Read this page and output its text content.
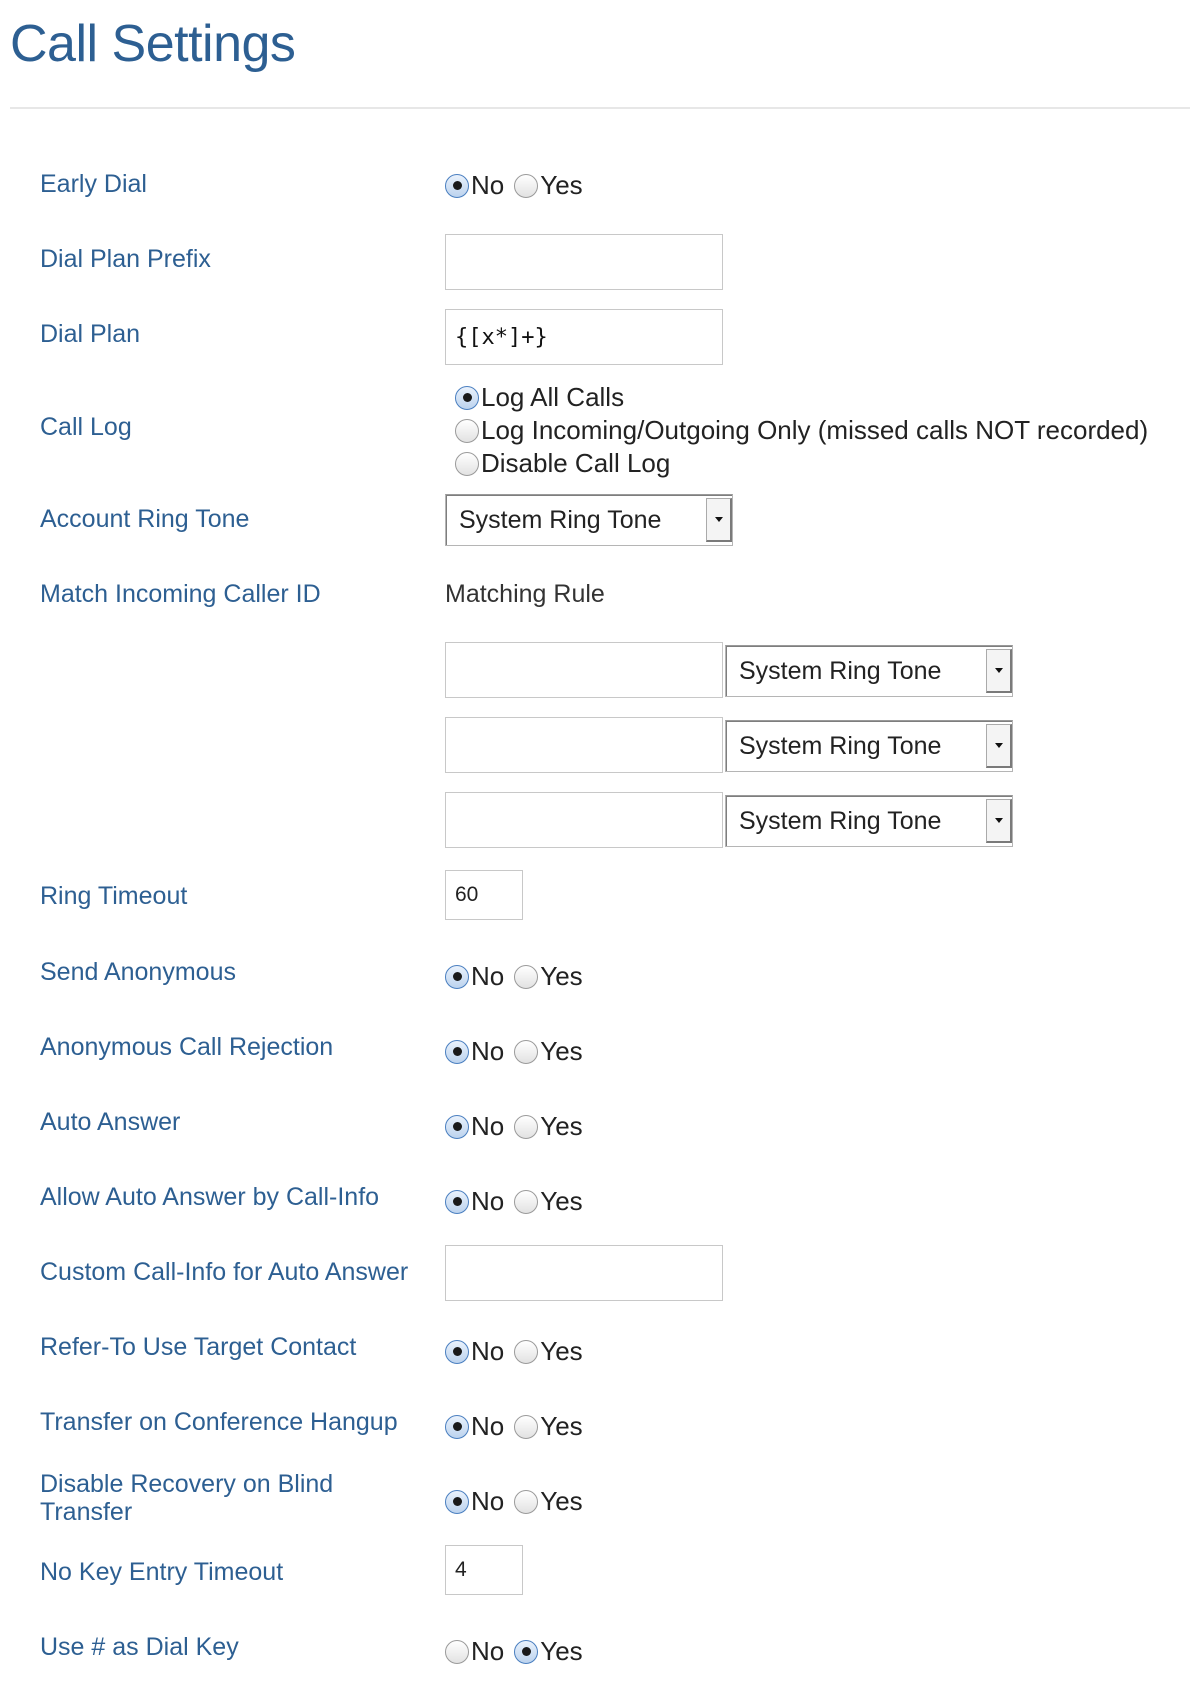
Call Settings
Early Dial	No Yes
Dial Plan Prefix
Dial Plan	{[x*]+}
Call Log
Log All Calls
Log Incoming/Outgoing Only (missed calls NOT recorded)
Disable Call Log
Account Ring Tone	System Ring Tone
Match Incoming Caller ID	Matching Rule
System Ring Tone
System Ring Tone
System Ring Tone
Ring Timeout	60
Send Anonymous	No Yes
Anonymous Call Rejection	No Yes
Auto Answer	No Yes
Allow Auto Answer by Call-Info	No Yes
Custom Call-Info for Auto Answer
Refer-To Use Target Contact	No Yes
Transfer on Conference Hangup	No Yes
Disable Recovery on Blind
Transfer	No Yes
No Key Entry Timeout	4
Use # as Dial Key	No Yes
